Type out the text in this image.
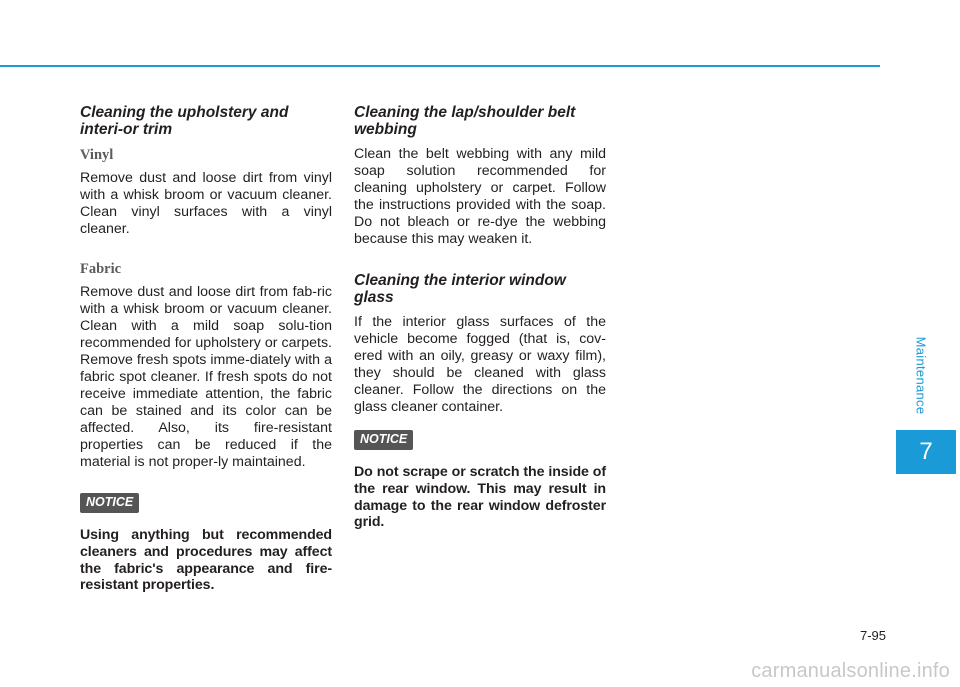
Cleaning the upholstery and interi-or trim
Vinyl

Remove dust and loose dirt from vinyl with a whisk broom or vacuum cleaner. Clean vinyl surfaces with a vinyl cleaner.

Fabric

Remove dust and loose dirt from fab-ric with a whisk broom or vacuum cleaner. Clean with a mild soap solu-tion recommended for upholstery or carpets. Remove fresh spots imme-diately with a fabric spot cleaner. If fresh spots do not receive immediate attention, the fabric can be stained and its color can be affected. Also, its fire-resistant properties can be reduced if the material is not proper-ly maintained.

NOTICE

Using anything but recommended cleaners and procedures may affect the fabric's appearance and fire-resistant properties.

Cleaning the lap/shoulder belt webbing

Clean the belt webbing with any mild soap solution recommended for cleaning upholstery or carpet. Follow the instructions provided with the soap. Do not bleach or re-dye the webbing because this may weaken it.

Cleaning the interior window glass

If the interior glass surfaces of the vehicle become fogged (that is, cov-ered with an oily, greasy or waxy film), they should be cleaned with glass cleaner. Follow the directions on the glass cleaner container.

NOTICE

Do not scrape or scratch the inside of the rear window. This may result in damage to the rear window defroster grid.

Maintenance
7
7-95
carmanualsonline.info
